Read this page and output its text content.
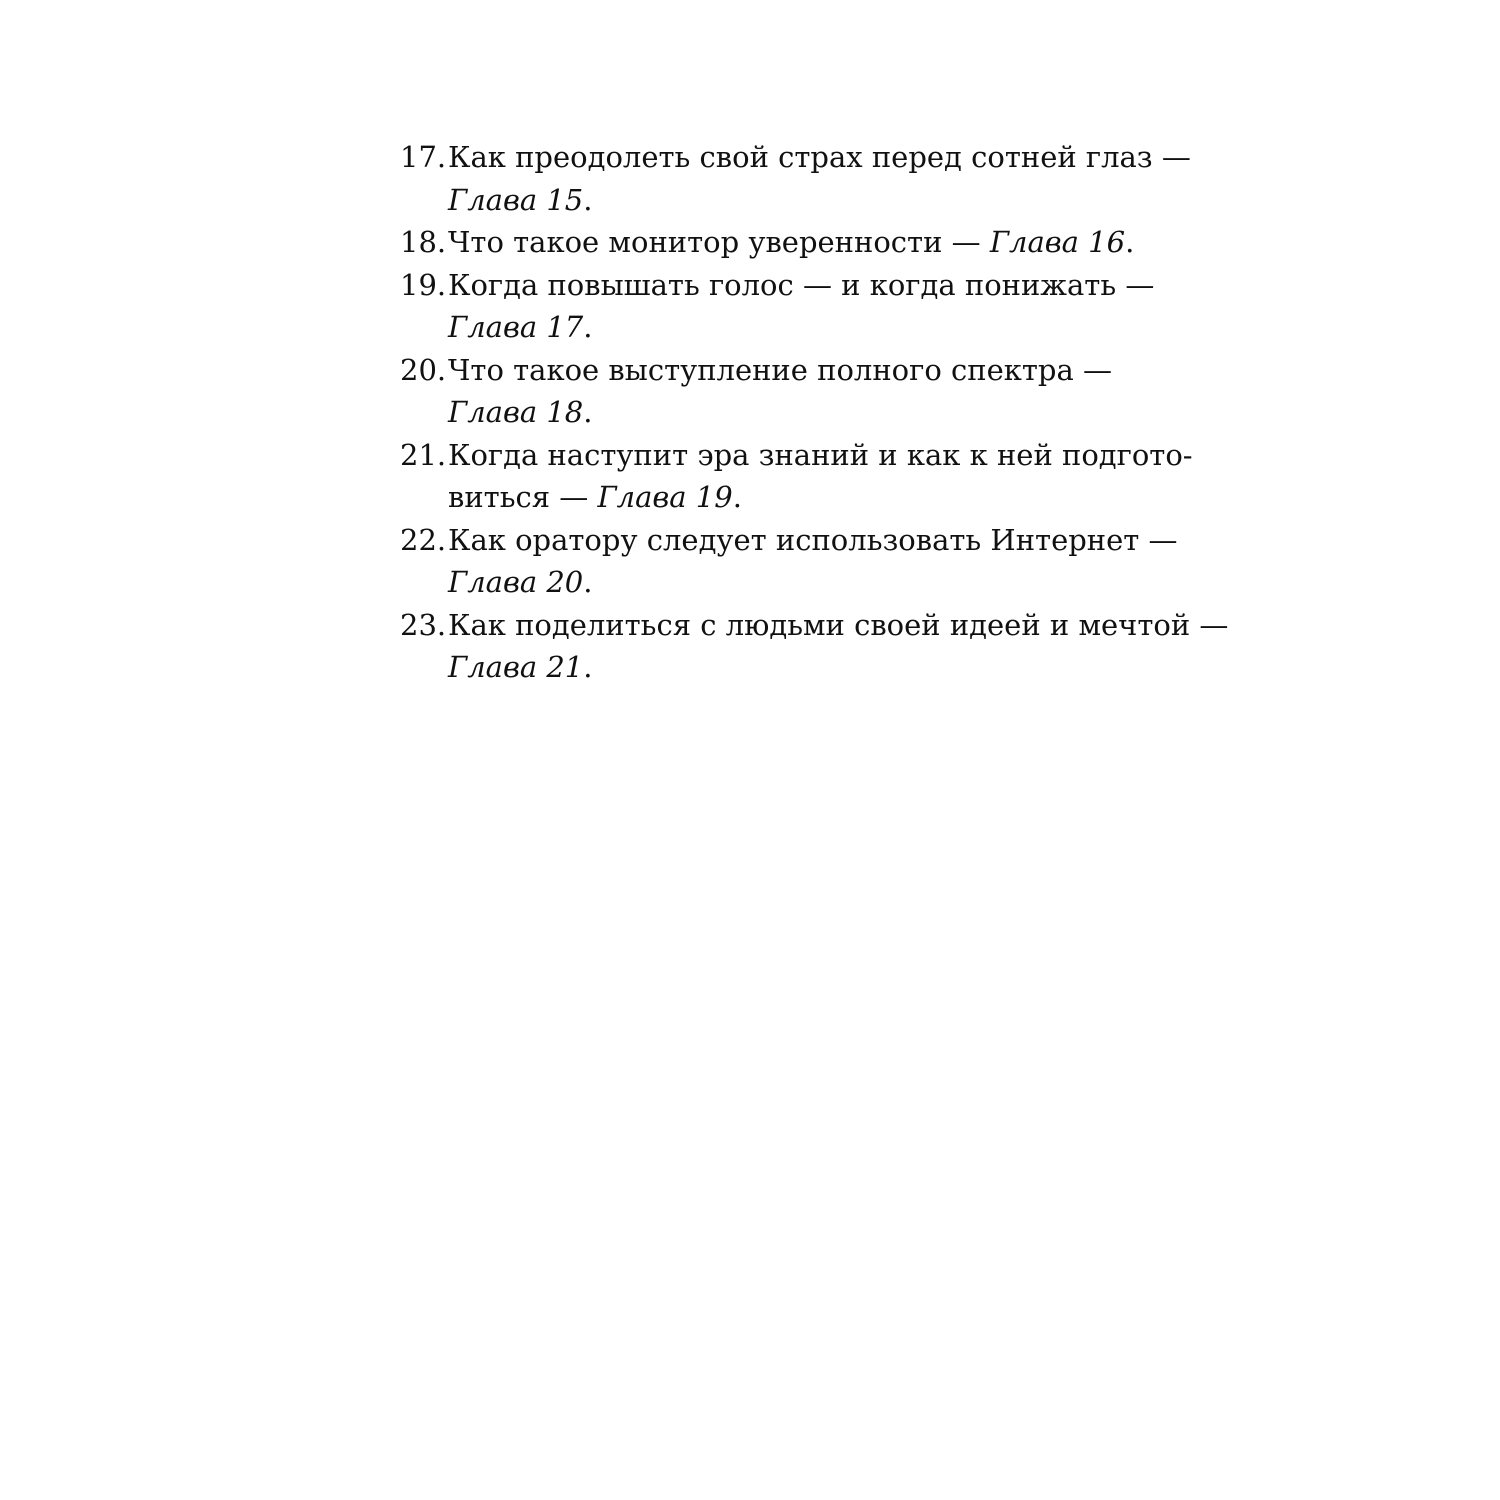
17.Как преодолеть свой страх перед сотней глаз —
Глава 15.
18.Что такое монитор уверенности — Глава 16.
19.Когда повышать голос — и когда понижать —
Глава 17.
20.Что такое выступление полного спектра —
Глава 18.
21.Когда наступит эра знаний и как к ней подгото-
виться — Глава 19.
22.Как оратору следует использовать Интернет —
Глава 20.
23.Как поделиться с людьми своей идеей и мечтой —
Глава 21.
